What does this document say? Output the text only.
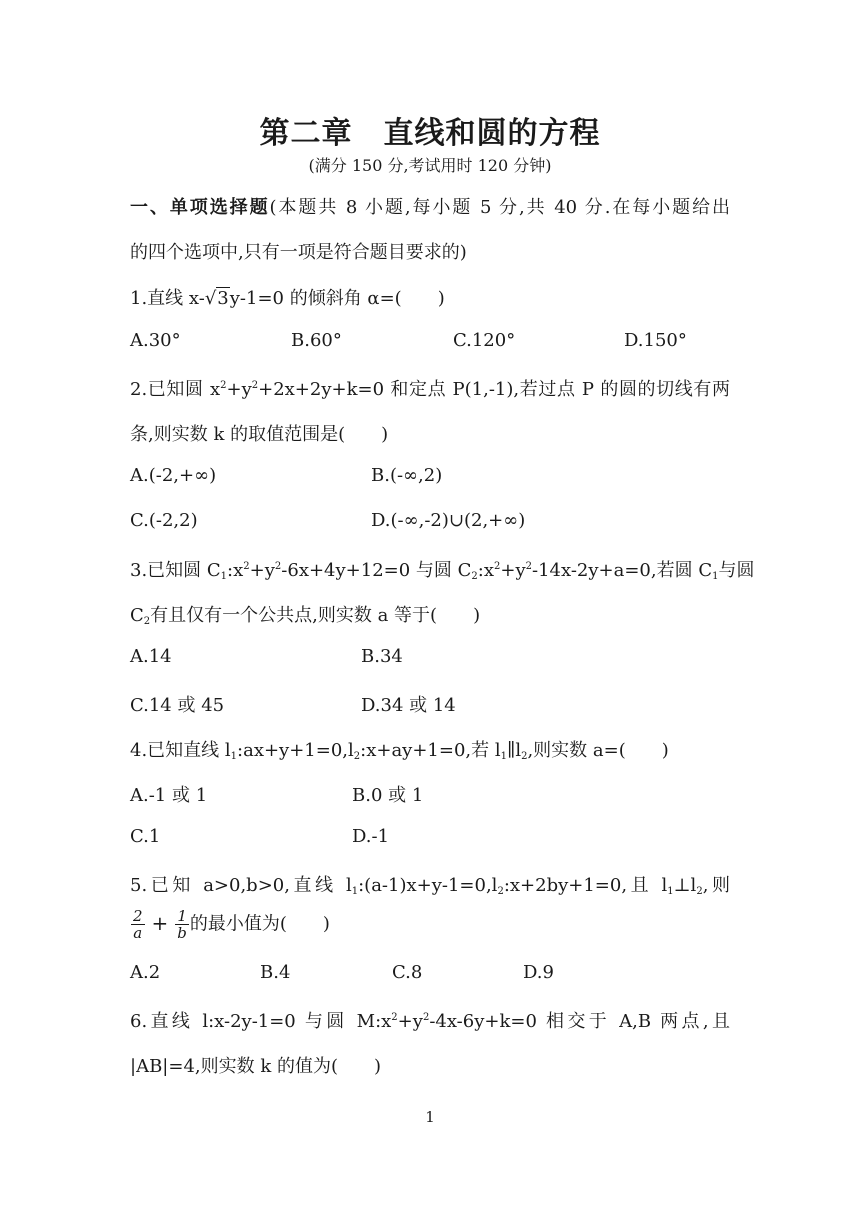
第二章　直线和圆的方程
(满分 150 分,考试用时 120 分钟)
一、单项选择题(本题共 8 小题,每小题 5 分,共 40 分.在每小题给出
的四个选项中,只有一项是符合题目要求的)
1.直线 x-√3y-1=0 的倾斜角 α=(　　)
A.30°	B.60°	C.120°	D.150°
2.已知圆 $x^2+y^2+2x+2y+k=0$ 和定点 P(1,-1),若过点 P 的圆的切线有两
条,则实数 k 的取值范围是(　　)
A.(-2,+∞)	B.(-∞,2)
C.(-2,2)	D.(-∞,-2)∪(2,+∞)
3.已知圆 $C_1:x^2+y^2-6x+4y+12=0$ 与圆 $C_2:x^2+y^2-14x-2y+a=0$,若圆 $C_1$与圆
$C_2$有且仅有一个公共点,则实数 a 等于(　　)
A.14	B.34
C.14 或 45	D.34 或 14
4.已知直线 $l_1:ax+y+1=0,l_2:x+ay+1=0$,若 $l_1\parallel l_2$,则实数 a=(　　)
A.-1 或 1	B.0 或 1
C.1	D.-1
5.已知 a>0,b>0,直线 $l_1:(a-1)x+y-1=0,l_2:x+2by+1=0$,且 $l_1\perp l_2$,则
$\frac{2}{a} + \frac{1}{b}$ 的最小值为(　　)
A.2	B.4	C.8	D.9
6.直线 l:x-2y-1=0 与圆 $M:x^2+y^2-4x-6y+k=0$ 相交于 A,B 两点,且
|AB|=4,则实数 k 的值为(　　)
1
